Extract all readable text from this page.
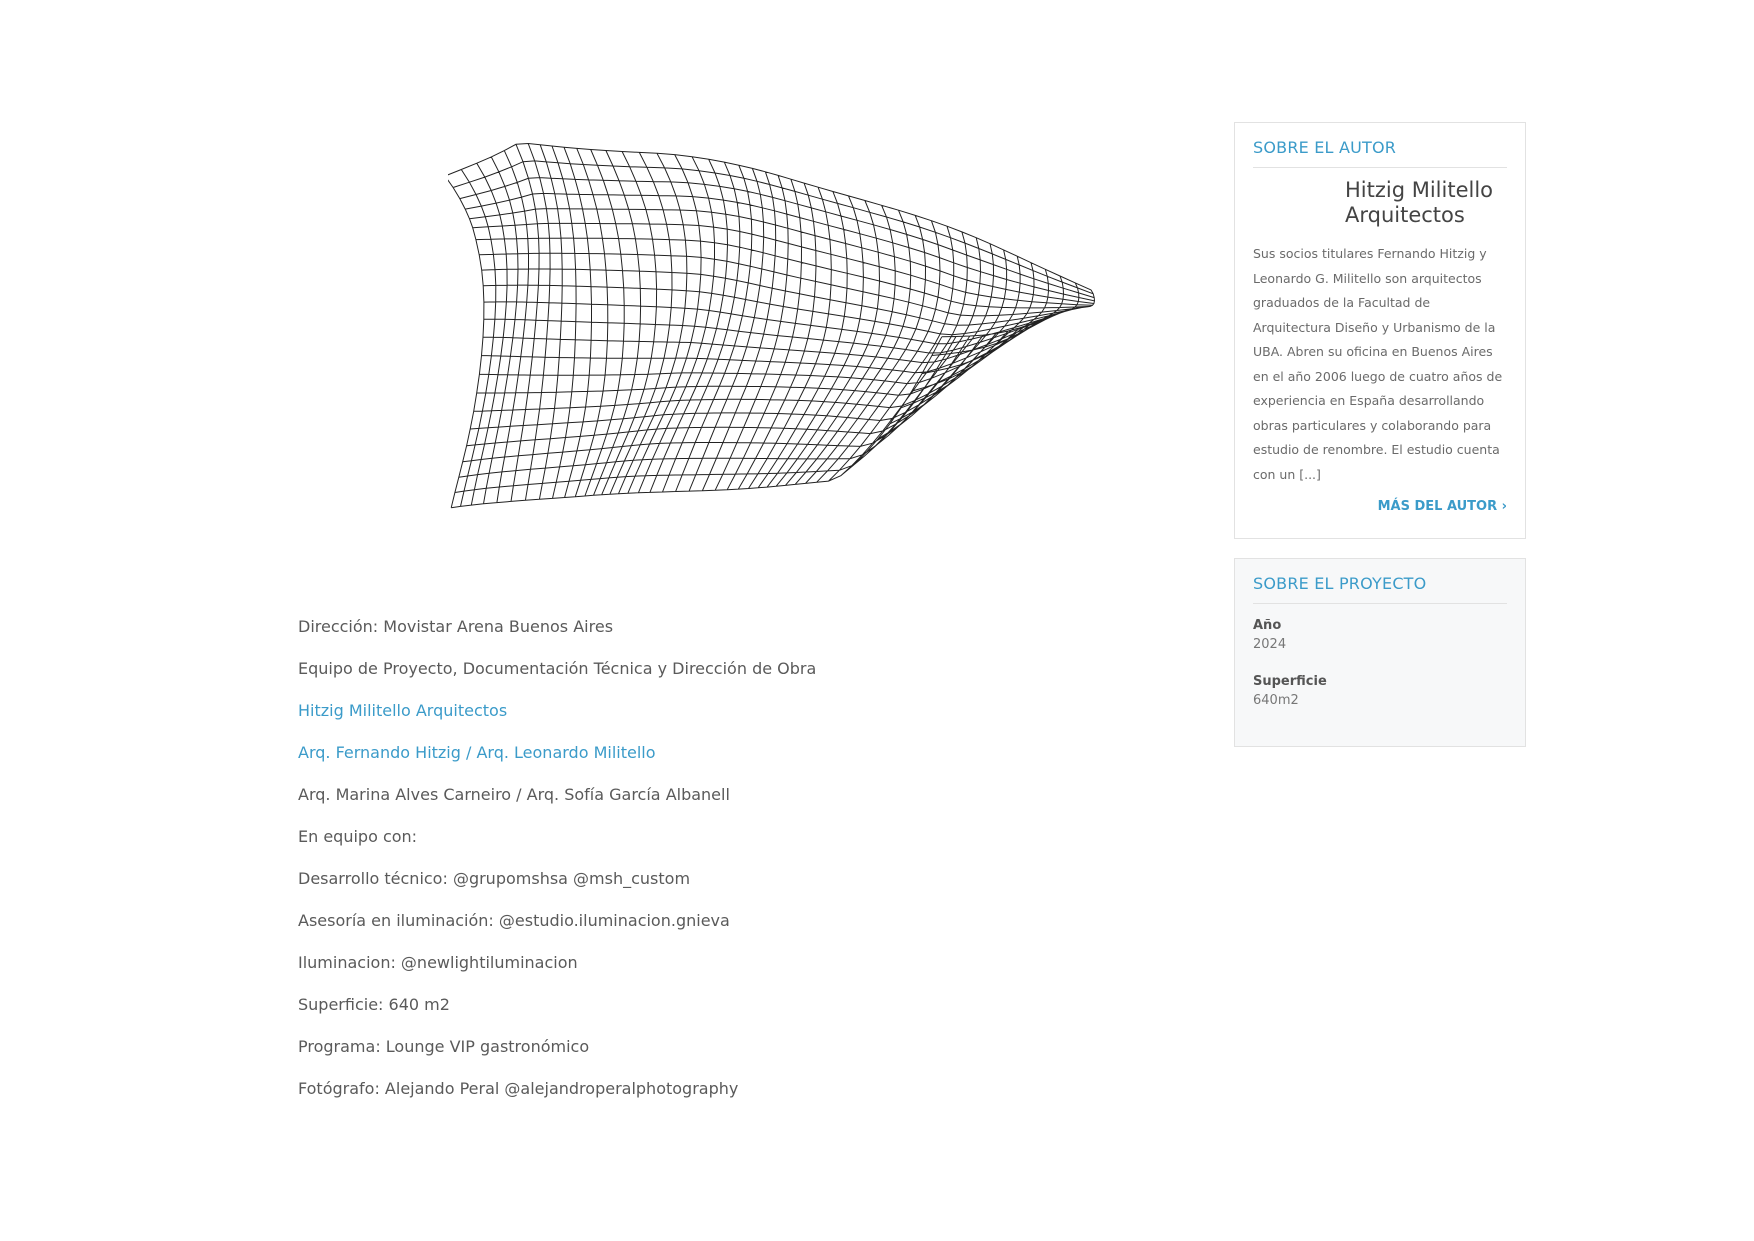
Dirección: Movistar Arena Buenos Aires
Equipo de Proyecto, Documentación Técnica y Dirección de Obra
Hitzig Militello Arquitectos
Arq. Fernando Hitzig / Arq. Leonardo Militello
Arq. Marina Alves Carneiro / Arq. Sofía García Albanell
En equipo con:
Desarrollo técnico: @grupomshsa @msh_custom
Asesoría en iluminación: @estudio.iluminacion.gnieva
Iluminacion: @newlightiluminacion
Superficie: 640 m2
Programa: Lounge VIP gastronómico
Fotógrafo: Alejando Peral @alejandroperalphotography
SOBRE EL AUTOR
Hitzig Militello Arquitectos
Sus socios titulares Fernando Hitzig y Leonardo G. Militello son arquitectos graduados de la Facultad de Arquitectura Diseño y Urbanismo de la UBA. Abren su oficina en Buenos Aires en el año 2006 luego de cuatro años de experiencia en España desarrollando obras particulares y colaborando para estudio de renombre. El estudio cuenta con un [...]
MÁS DEL AUTOR ›
SOBRE EL PROYECTO
Año
2024
Superficie
640m2
